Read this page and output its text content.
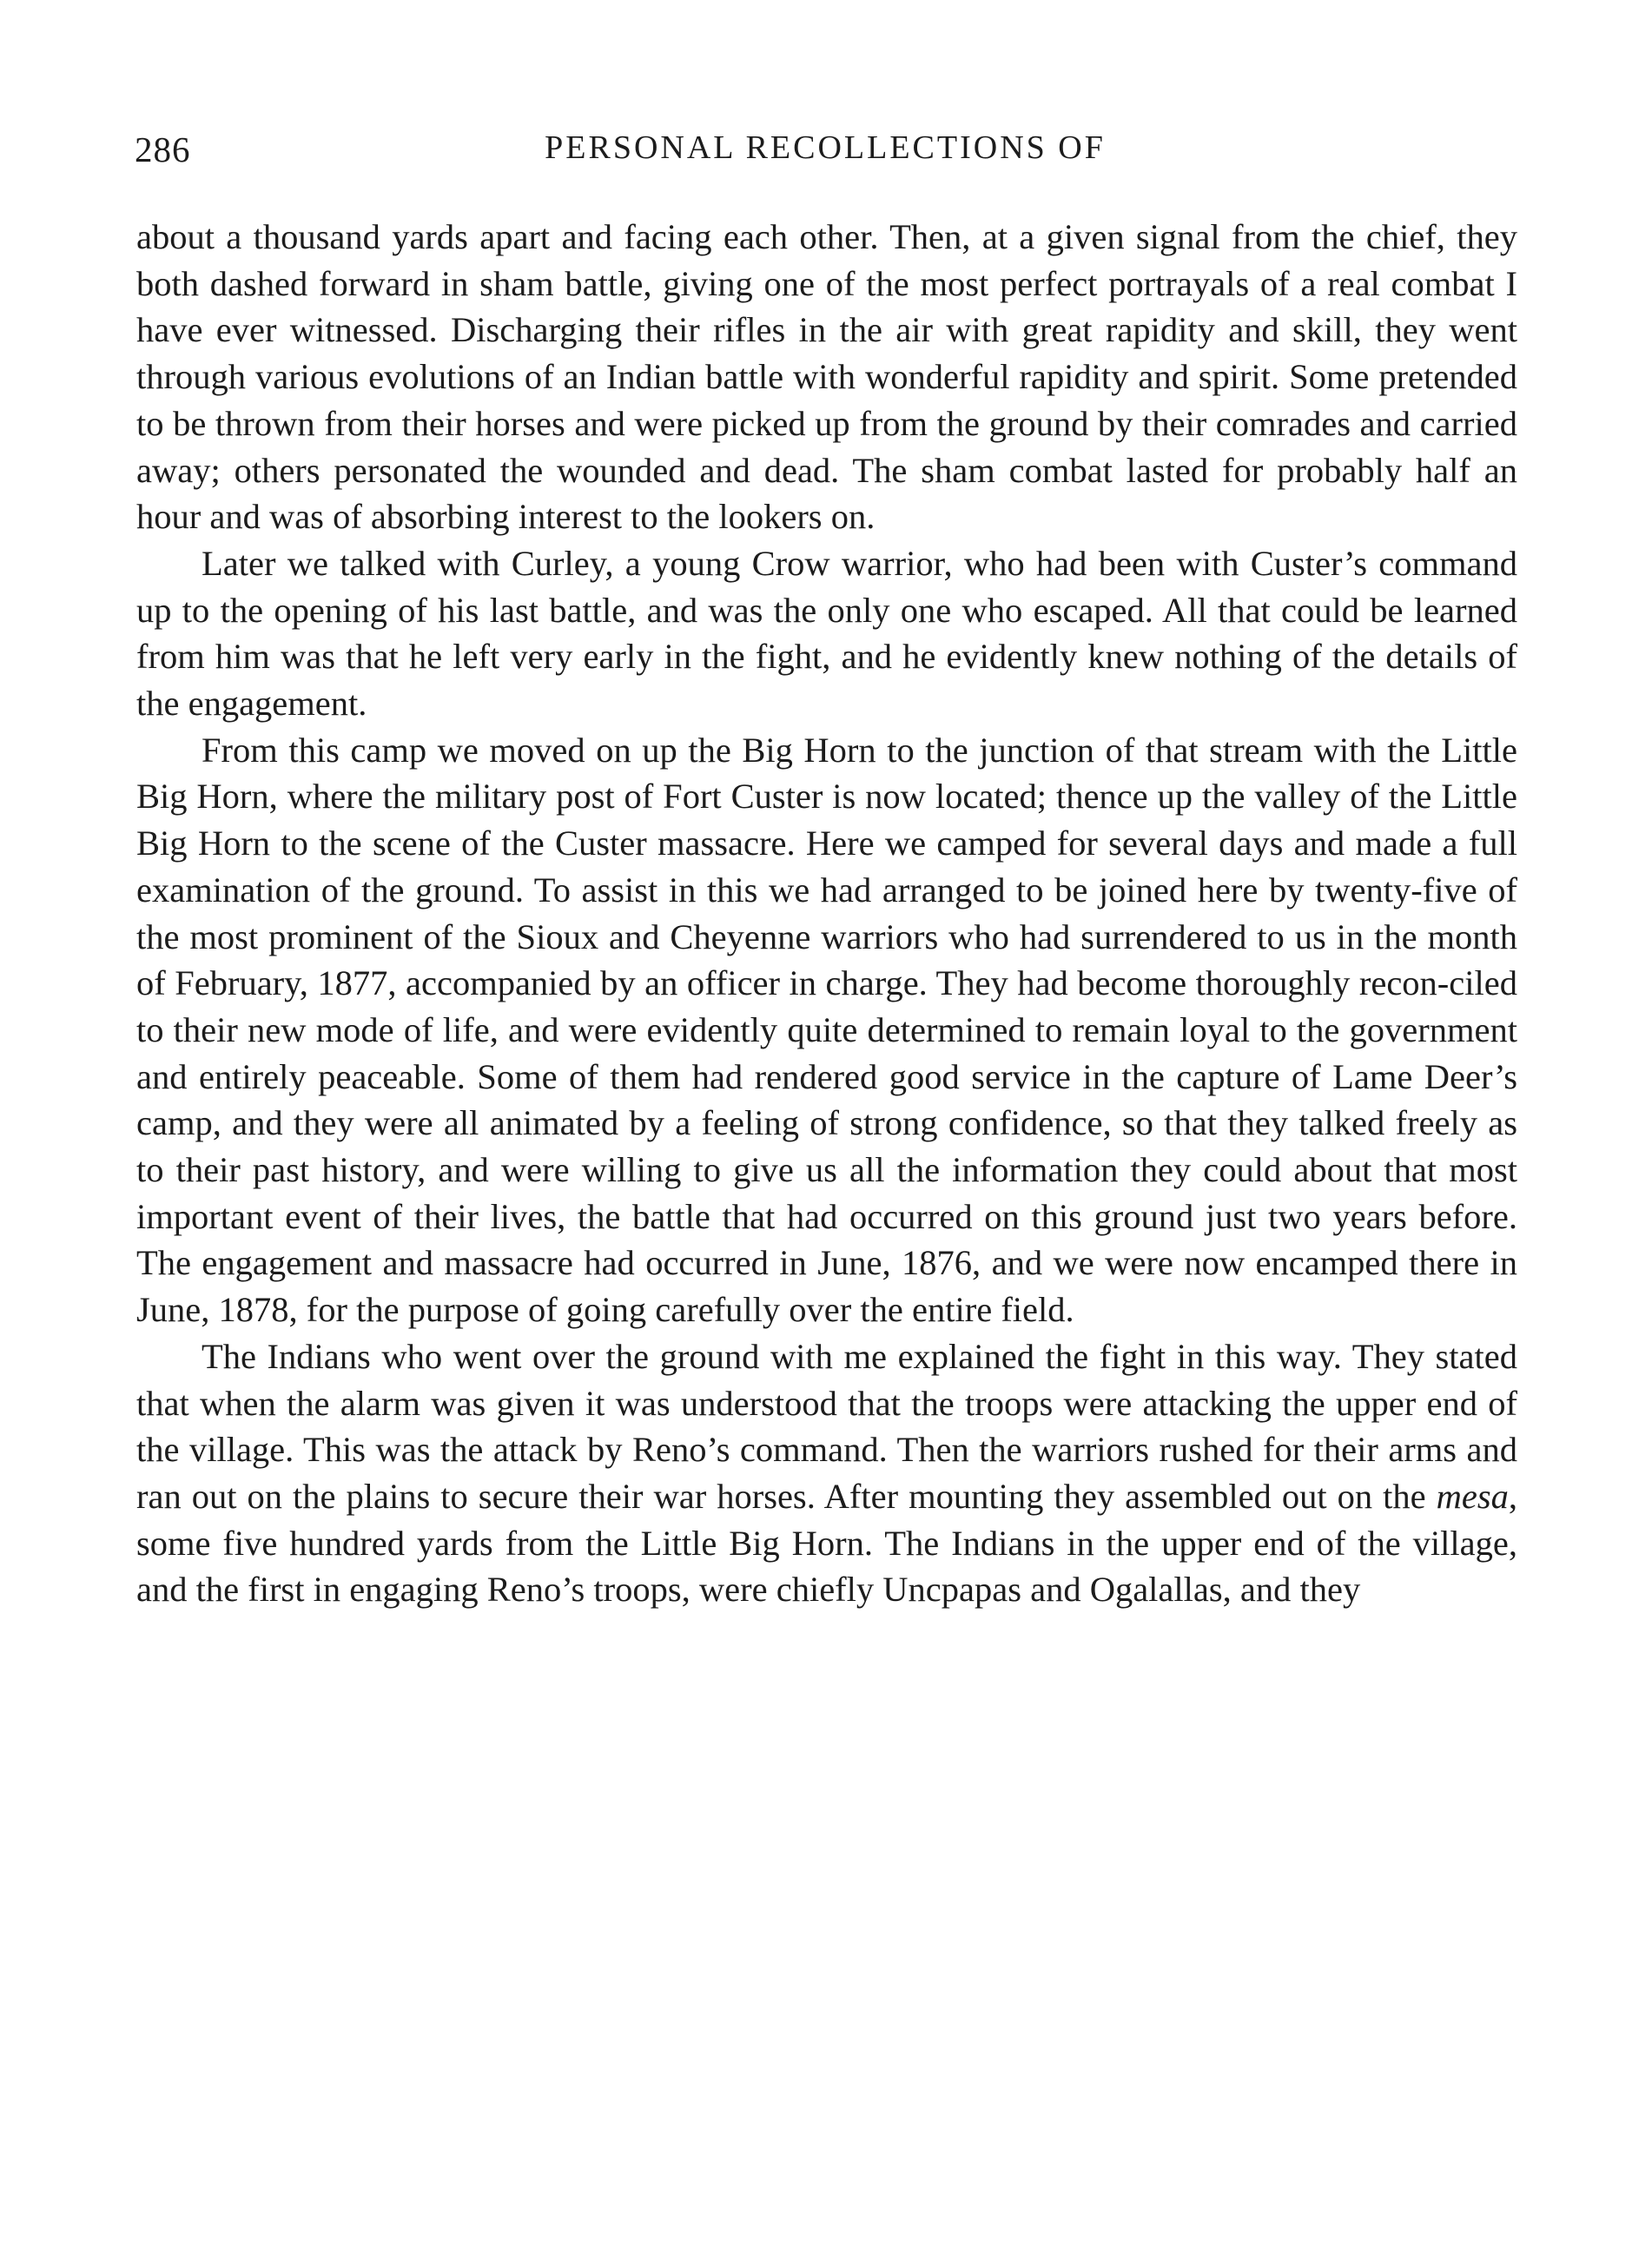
286	PERSONAL RECOLLECTIONS OF

about a thousand yards apart and facing each other. Then, at a given signal from the chief, they both dashed forward in sham battle, giving one of the most perfect portrayals of a real combat I have ever witnessed. Discharging their rifles in the air with great rapidity and skill, they went through various evolutions of an Indian battle with wonderful rapidity and spirit. Some pretended to be thrown from their horses and were picked up from the ground by their comrades and carried away; others personated the wounded and dead. The sham combat lasted for probably half an hour and was of absorbing interest to the lookers on.

Later we talked with Curley, a young Crow warrior, who had been with Custer’s command up to the opening of his last battle, and was the only one who escaped. All that could be learned from him was that he left very early in the fight, and he evidently knew nothing of the details of the engagement.

From this camp we moved on up the Big Horn to the junction of that stream with the Little Big Horn, where the military post of Fort Custer is now located; thence up the valley of the Little Big Horn to the scene of the Custer massacre. Here we camped for several days and made a full examination of the ground. To assist in this we had arranged to be joined here by twenty-five of the most prominent of the Sioux and Cheyenne warriors who had surrendered to us in the month of February, 1877, accompanied by an officer in charge. They had become thoroughly recon-ciled to their new mode of life, and were evidently quite determined to remain loyal to the government and entirely peaceable. Some of them had rendered good service in the capture of Lame Deer’s camp, and they were all animated by a feeling of strong confidence, so that they talked freely as to their past history, and were willing to give us all the information they could about that most important event of their lives, the battle that had occurred on this ground just two years before. The engagement and massacre had occurred in June, 1876, and we were now encamped there in June, 1878, for the purpose of going carefully over the entire field.

The Indians who went over the ground with me explained the fight in this way. They stated that when the alarm was given it was understood that the troops were attacking the upper end of the village. This was the attack by Reno’s command. Then the warriors rushed for their arms and ran out on the plains to secure their war horses. After mounting they assembled out on the mesa, some five hundred yards from the Little Big Horn. The Indians in the upper end of the village, and the first in engaging Reno’s troops, were chiefly Uncpapas and Ogalallas, and they
